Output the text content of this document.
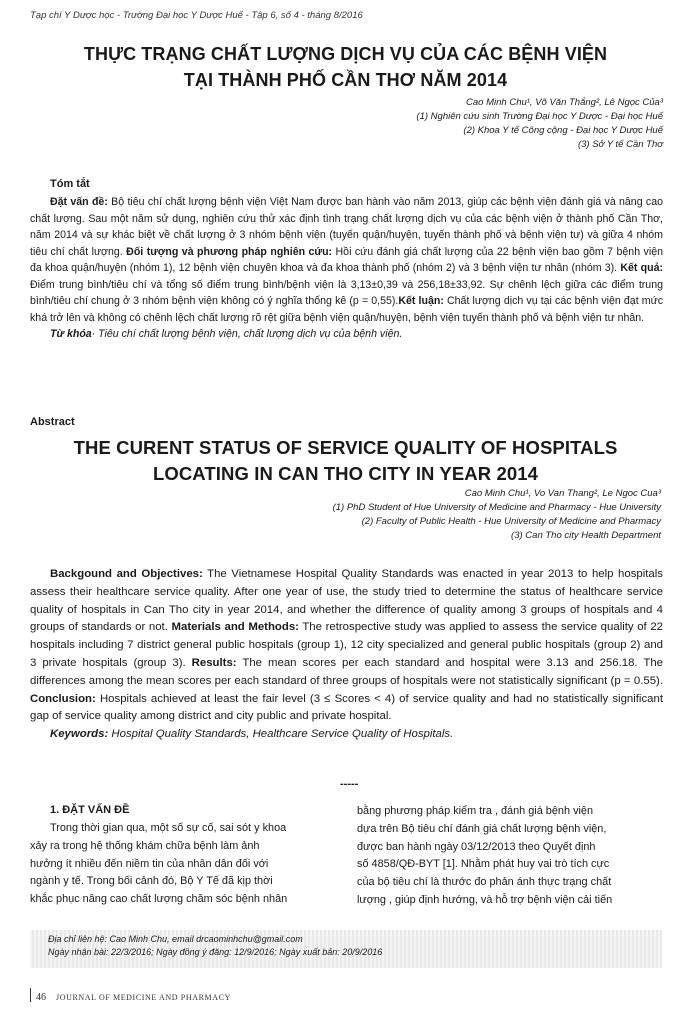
Tạp chí Y Dược học - Trường Đại học Y Dược Huế - Tập 6, số 4 - tháng 8/2016
THỰC TRẠNG CHẤT LƯỢNG DỊCH VỤ CỦA CÁC BỆNH VIỆN
TẠI THÀNH PHỐ CẦN THƠ NĂM 2014
Cao Minh Chu¹, Võ Văn Thắng², Lê Ngọc Của³
(1) Nghiên cứu sinh Trường Đại học Y Dược - Đại học Huế
(2) Khoa Y tế Công cộng - Đại học Y Dược Huế
(3) Sở Y tế Cần Thơ
Tóm tắt
Đặt vấn đề: Bộ tiêu chí chất lượng bệnh viện Việt Nam được ban hành vào năm 2013, giúp các bệnh viện đánh giá và nâng cao chất lượng. Sau một năm sử dụng, nghiên cứu thử xác định tình trạng chất lượng dịch vụ của các bệnh viện ở thành phố Cần Thơ, năm 2014 và sự khác biệt về chất lượng ở 3 nhóm bệnh viện (tuyến quận/huyện, tuyến thành phố và bệnh viện tư) và giữa 4 nhóm tiêu chí chất lượng. Đối tượng và phương pháp nghiên cứu: Hồi cứu đánh giá chất lượng của 22 bệnh viện bao gồm 7 bệnh viện đa khoa quận/huyện (nhóm 1), 12 bệnh viện chuyên khoa và đa khoa thành phố (nhóm 2) và 3 bệnh viện tư nhân (nhóm 3). Kết quả: Điểm trung bình/tiêu chí và tổng số điểm trung bình/bệnh viện là 3,13±0,39 và 256,18±33,92. Sự chênh lệch giữa các điểm trung bình/tiêu chí chung ở 3 nhóm bệnh viện không có ý nghĩa thống kê (p = 0,55).Kết luận: Chất lượng dịch vụ tại các bệnh viện đạt mức khá trở lên và không có chênh lệch chất lượng rõ rệt giữa bệnh viện quận/huyện, bệnh viện tuyến thành phố và bệnh viện tư nhân.
Từ khóa· Tiêu chí chất lượng bệnh viện, chất lượng dịch vụ của bệnh viện.
Abstract
THE CURENT STATUS OF SERVICE QUALITY OF HOSPITALS
LOCATING IN CAN THO CITY IN YEAR 2014
Cao Minh Chu¹, Vo Van Thang², Le Ngoc Cua³
(1) PhD Student of Hue University of Medicine and Pharmacy - Hue University
(2) Faculty of Public Health - Hue University of Medicine and Pharmacy
(3) Can Tho city Health Department
Backgound and Objectives: The Vietnamese Hospital Quality Standards was enacted in year 2013 to help hospitals assess their healthcare service quality. After one year of use, the study tried to determine the status of healthcare service quality of hospitals in Can Tho city in year 2014, and whether the difference of quality among 3 groups of hospitals and 4 groups of standards or not. Materials and Methods: The retrospective study was applied to assess the service quality of 22 hospitals including 7 district general public hospitals (group 1), 12 city specialized and general public hospitals (group 2) and 3 private hospitals (group 3). Results: The mean scores per each standard and hospital were 3.13 and 256.18. The differences among the mean scores per each standard of three groups of hospitals were not statistically significant (p = 0.55). Conclusion: Hospitals achieved at least the fair level (3 ≤ Scores < 4) of service quality and had no statistically significant gap of service quality among district and city public and private hospital.
Keywords: Hospital Quality Standards, Healthcare Service Quality of Hospitals.
-----
1. ĐẶT VẤN ĐỀ
Trong thời gian qua, một số sự cố, sai sót y khoa
xảy ra trong hệ thống khám chữa bệnh làm ảnh
hưởng ít nhiều đến niềm tin của nhân dân đối với
ngành y tế. Trong bối cảnh đó, Bộ Y Tế đã kịp thời
khắc phục nâng cao chất lượng chăm sóc bệnh nhân
bằng phương pháp kiểm tra , đánh giá bệnh viện
dựa trên Bộ tiêu chí đánh giá chất lượng bệnh viện,
được ban hành ngày 03/12/2013 theo Quyết định
số 4858/QĐ-BYT [1]. Nhằm phát huy vai trò tích cực
của bộ tiêu chí là thước đo phản ánh thực trạng chất
lượng , giúp định hướng, và hỗ trợ bệnh viện cải tiến
Địa chỉ liên hệ: Cao Minh Chu, email drcaominhchu@gmail.com
Ngày nhận bài: 22/3/2016; Ngày đồng ý đăng: 12/9/2016; Ngày xuất bản: 20/9/2016
46 JOURNAL OF MEDICINE AND PHARMACY
